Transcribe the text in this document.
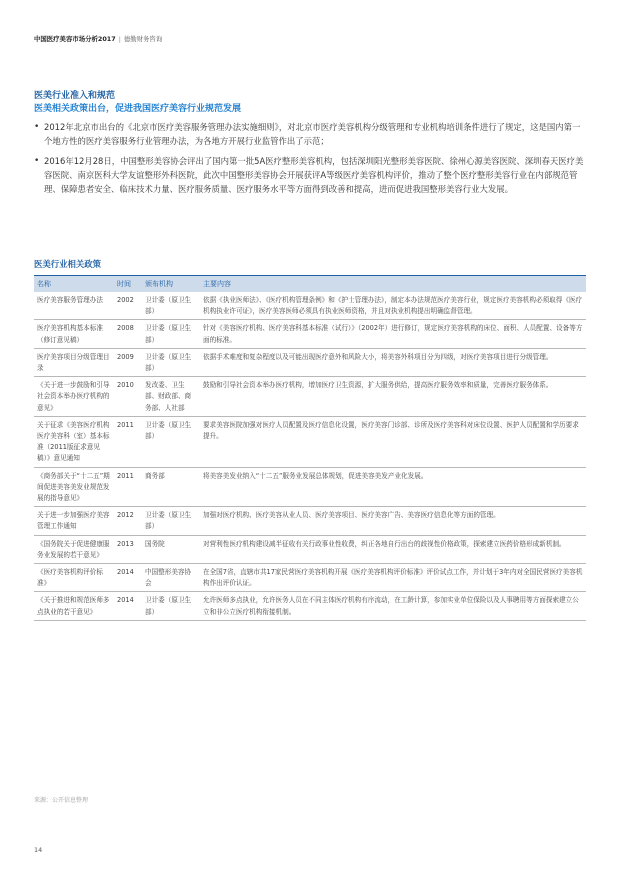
中国医疗美容市场分析2017 | 德勤财务咨询
医美行业准入和规范
医美相关政策出台，促进我国医疗美容行业规范发展
• 2012年北京市出台的《北京市医疗美容服务管理办法实施细则》，对北京市医疗美容机构分级管理和专业机构培训条件进行了规定，这是国内第一个地方性的医疗美容服务行业管理办法，为各地方开展行业监管作出了示范；
• 2016年12月28日，中国整形美容协会评出了国内第一批5A医疗整形美容机构，包括深圳阳光整形美容医院、徐州心源美容医院、深圳春天医疗美容医院、南京医科大学友谊整形外科医院，此次中国整形美容协会开展获评A等级医疗美容机构评价，推动了整个医疗整形美容行业在内部规范管理、保障患者安全、临床技术力量、医疗服务质量、医疗服务水平等方面得到改善和提高，进而促进我国整形美容行业大发展。
医美行业相关政策
名称	时间	颁布机构	主要内容
医疗美容服务管理办法	2002	卫计委（原卫生部）	依据《执业医师法》、《医疗机构管理条例》和《护士管理办法》，制定本办法规范医疗美容行业，规定医疗美容机构必须取得《医疗机构执业许可证》，医疗美容医师必须具有执业医师资格，并且对执业机构提出明确监督管理。
医疗美容机构基本标准（修订意见稿）	2008	卫计委（原卫生部）	针对《美容医疗机构、医疗美容科基本标准（试行）》（2002年）进行修订，规定医疗美容机构的床位、面积、人员配置、设备等方面的标准。
医疗美容项目分级管理目录	2009	卫计委（原卫生部）	依据手术难度和复杂程度以及可能出现医疗意外和风险大小，将美容外科项目分为四级，对医疗美容项目进行分级管理。
《关于进一步鼓励和引导社会资本举办医疗机构的意见》	2010	发改委、卫生部、财政部、商务部、人社部	鼓励和引导社会资本举办医疗机构，增加医疗卫生资源，扩大服务供给，提高医疗服务效率和质量，完善医疗服务体系。
关于征求《美容医疗机构医疗美容科（室）基本标准（2011版征求意见稿）》意见通知	2011	卫计委（原卫生部）	要求美容医院加强对医疗人员配置及医疗信息化设置，医疗美容门诊部、诊所及医疗美容科对床位设置、医护人员配置和学历要求提升。
《商务部关于“十二五”期间促进美容美发业规范发展的指导意见》	2011	商务部	将美容美发业纳入“十二五”服务业发展总体规划，促进美容美发产业化发展。
关于进一步加强医疗美容管理工作通知	2012	卫计委（原卫生部）	加强对医疗机构、医疗美容从业人员、医疗美容项目、医疗美容广告、美容医疗信息化等方面的管理。
《国务院关于促进健康服务业发展的若干意见》	2013	国务院	对营利性医疗机构建设减半征收有关行政事业性收费，纠正各地自行出台的歧视性价格政策，探索建立医药价格形成新机制。
《医疗美容机构评价标准》	2014	中国整形美容协会	在全国7省，直辖市共17家民营医疗美容机构开展《医疗美容机构评价标准》评价试点工作，并计划于3年内对全国民营医疗美容机构作出评价认证。
《关于推进和规范医师多点执业的若干意见》	2014	卫计委（原卫生部）	允许医师多点执业，允许医务人员在不同主体医疗机构有序流动，在工龄计算，参加实业单位保险以及人事聘用等方面探索建立公立和非公立医疗机构衔接机制。
来源：公开信息整理
14
